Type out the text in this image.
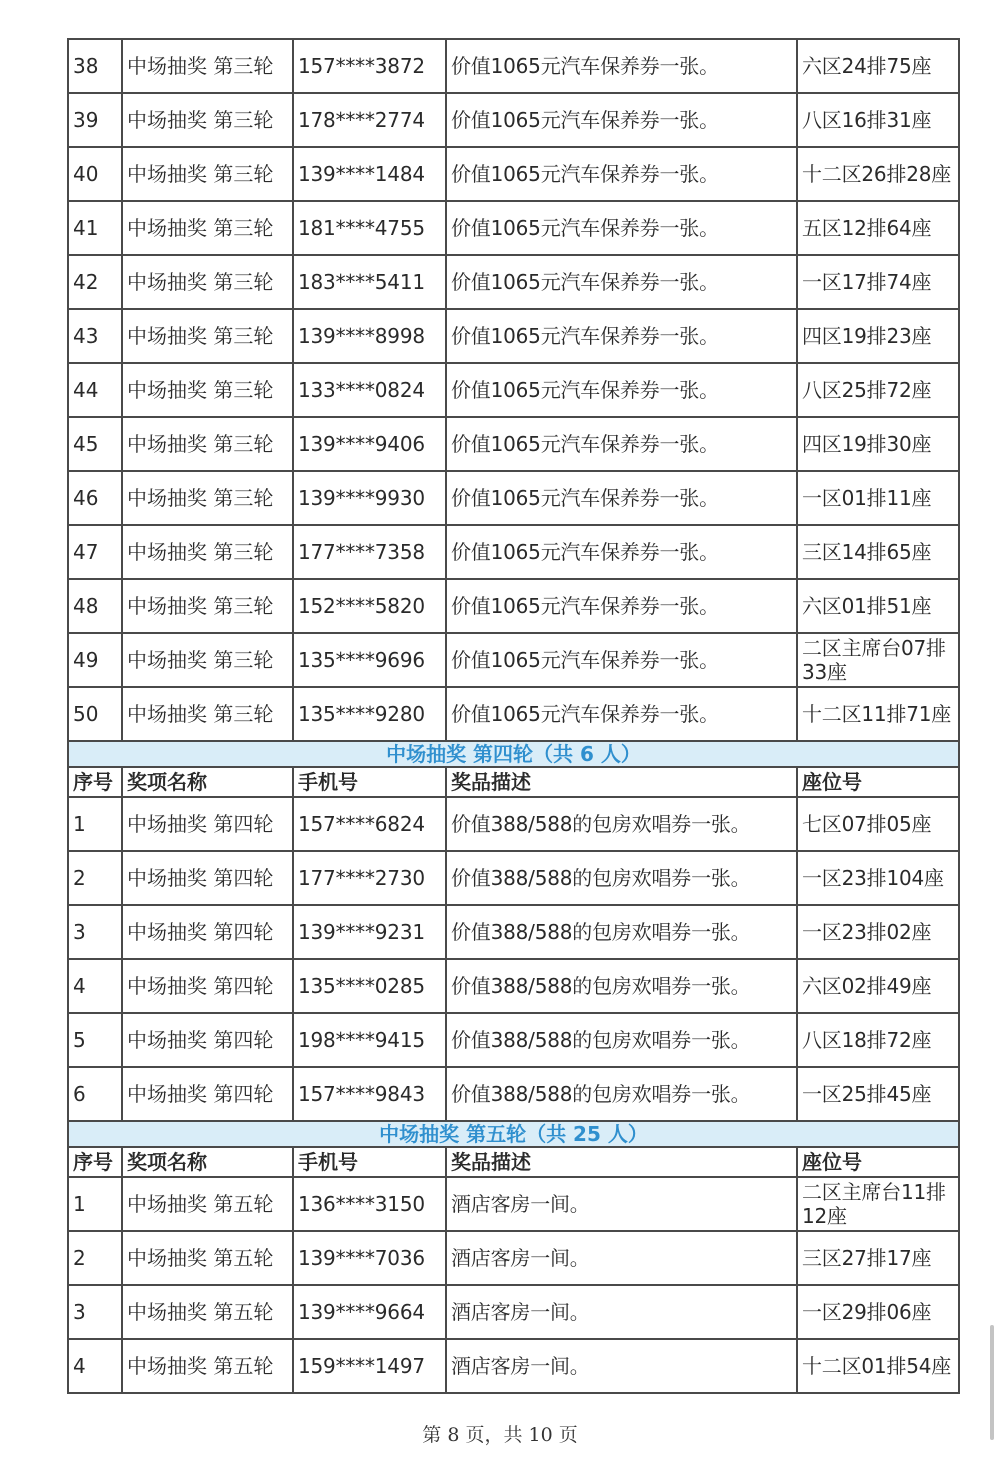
38	中场抽奖 第三轮	157****3872	价值1065元汽车保养券一张。	六区24排75座
39	中场抽奖 第三轮	178****2774	价值1065元汽车保养券一张。	八区16排31座
40	中场抽奖 第三轮	139****1484	价值1065元汽车保养券一张。	十二区26排28座
41	中场抽奖 第三轮	181****4755	价值1065元汽车保养券一张。	五区12排64座
42	中场抽奖 第三轮	183****5411	价值1065元汽车保养券一张。	一区17排74座
43	中场抽奖 第三轮	139****8998	价值1065元汽车保养券一张。	四区19排23座
44	中场抽奖 第三轮	133****0824	价值1065元汽车保养券一张。	八区25排72座
45	中场抽奖 第三轮	139****9406	价值1065元汽车保养券一张。	四区19排30座
46	中场抽奖 第三轮	139****9930	价值1065元汽车保养券一张。	一区01排11座
47	中场抽奖 第三轮	177****7358	价值1065元汽车保养券一张。	三区14排65座
48	中场抽奖 第三轮	152****5820	价值1065元汽车保养券一张。	六区01排51座
49	中场抽奖 第三轮	135****9696	价值1065元汽车保养券一张。	二区主席台07排33座
50	中场抽奖 第三轮	135****9280	价值1065元汽车保养券一张。	十二区11排71座
中场抽奖 第四轮（共 6 人）				
序号	奖项名称	手机号	奖品描述	座位号
1	中场抽奖 第四轮	157****6824	价值388/588的包房欢唱券一张。	七区07排05座
2	中场抽奖 第四轮	177****2730	价值388/588的包房欢唱券一张。	一区23排104座
3	中场抽奖 第四轮	139****9231	价值388/588的包房欢唱券一张。	一区23排02座
4	中场抽奖 第四轮	135****0285	价值388/588的包房欢唱券一张。	六区02排49座
5	中场抽奖 第四轮	198****9415	价值388/588的包房欢唱券一张。	八区18排72座
6	中场抽奖 第四轮	157****9843	价值388/588的包房欢唱券一张。	一区25排45座
中场抽奖 第五轮（共 25 人）				
序号	奖项名称	手机号	奖品描述	座位号
1	中场抽奖 第五轮	136****3150	酒店客房一间。	二区主席台11排12座
2	中场抽奖 第五轮	139****7036	酒店客房一间。	三区27排17座
3	中场抽奖 第五轮	139****9664	酒店客房一间。	一区29排06座
4	中场抽奖 第五轮	159****1497	酒店客房一间。	十二区01排54座
第 8 页，共 10 页
